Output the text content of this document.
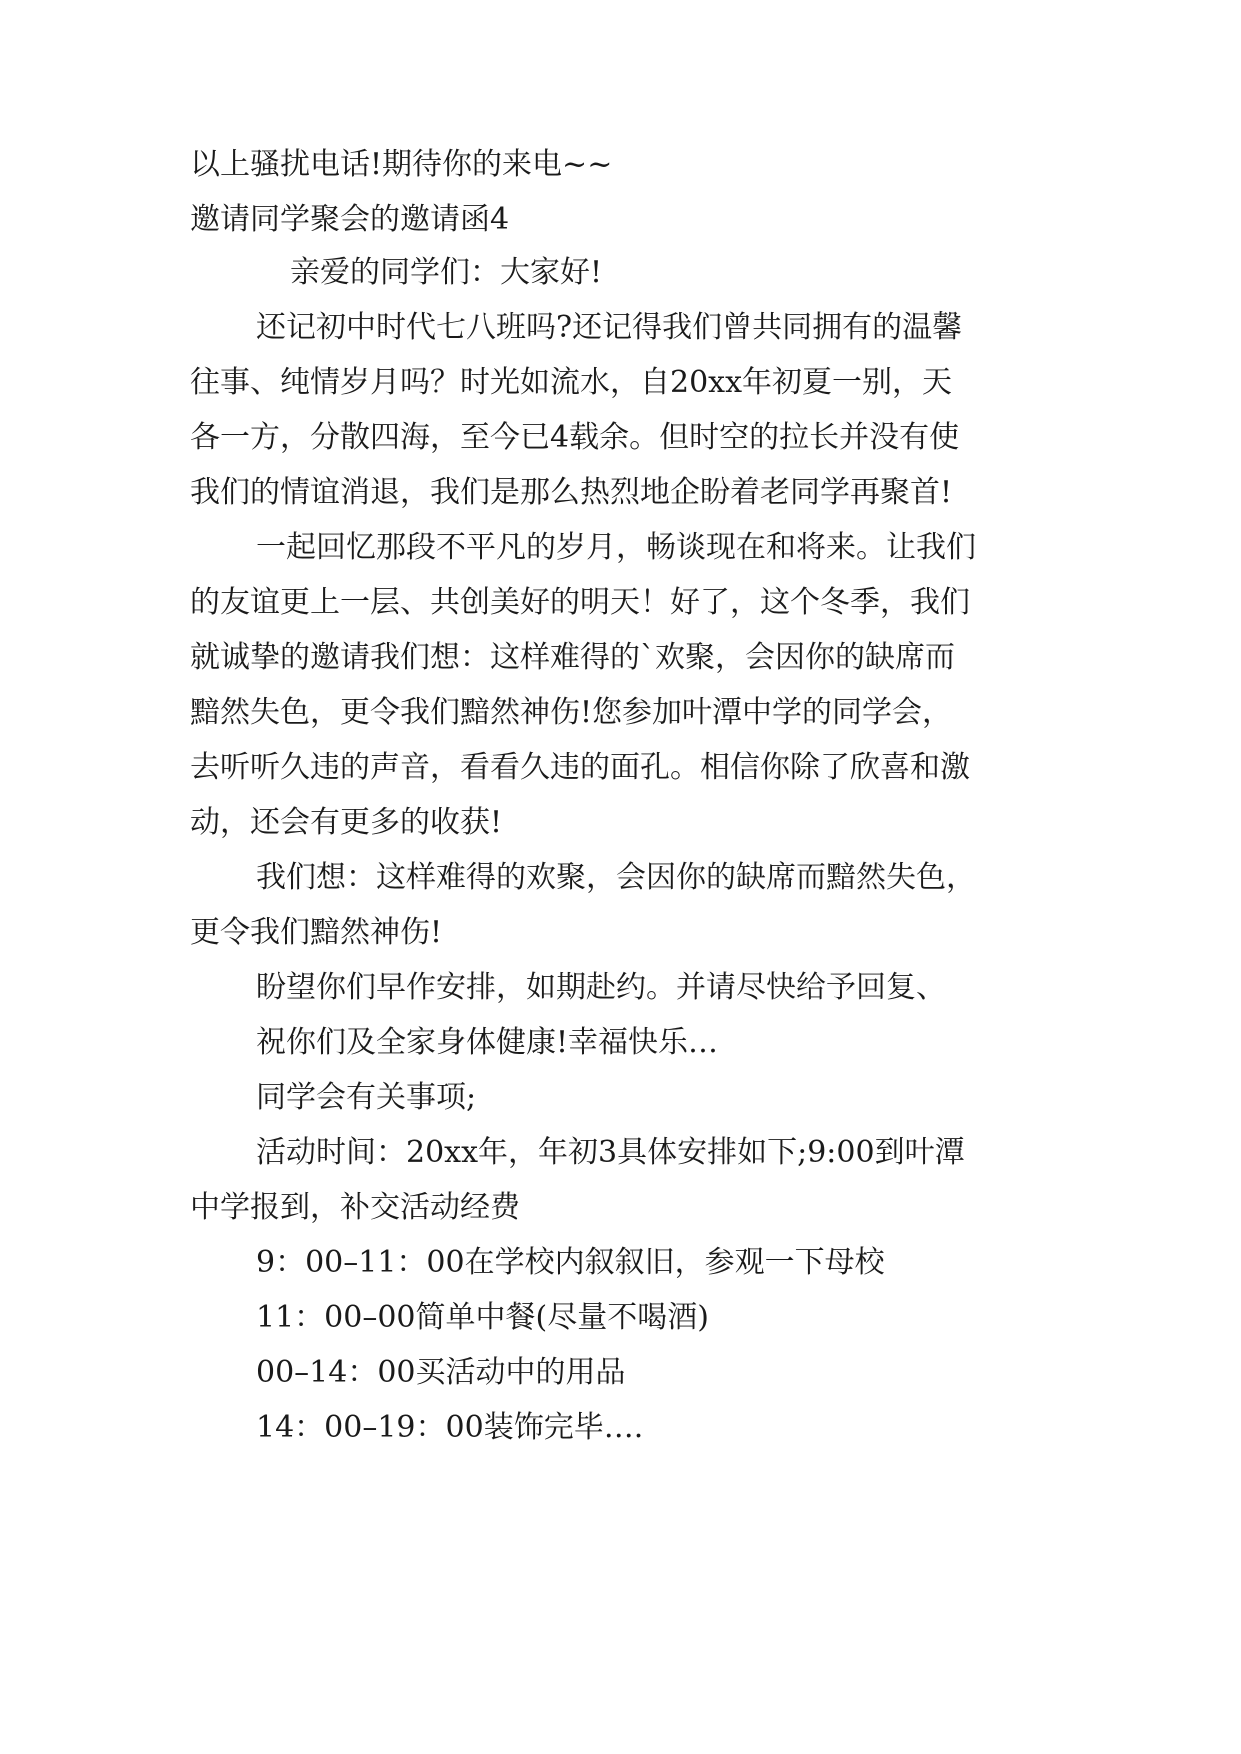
以上骚扰电话!期待你的来电~~
邀请同学聚会的邀请函4
亲爱的同学们：大家好!
还记初中时代七八班吗?还记得我们曾共同拥有的温馨
往事、纯情岁月吗？时光如流水，自20xx年初夏一别，天
各一方，分散四海，至今已4载余。但时空的拉长并没有使
我们的情谊消退，我们是那么热烈地企盼着老同学再聚首!
一起回忆那段不平凡的岁月，畅谈现在和将来。让我们
的友谊更上一层、共创美好的明天！好了，这个冬季，我们
就诚挚的邀请我们想：这样难得的`欢聚，会因你的缺席而
黯然失色，更令我们黯然神伤!您参加叶潭中学的同学会，
去听听久违的声音，看看久违的面孔。相信你除了欣喜和激
动，还会有更多的收获!
我们想：这样难得的欢聚，会因你的缺席而黯然失色，
更令我们黯然神伤!
盼望你们早作安排，如期赴约。并请尽快给予回复、
祝你们及全家身体健康!幸福快乐…
同学会有关事项;
活动时间：20xx年，年初3具体安排如下;9:00到叶潭
中学报到，补交活动经费
9：00–11：00在学校内叙叙旧，参观一下母校
11：00–00简单中餐(尽量不喝酒)
00–14：00买活动中的用品
14：00–19：00装饰完毕….
